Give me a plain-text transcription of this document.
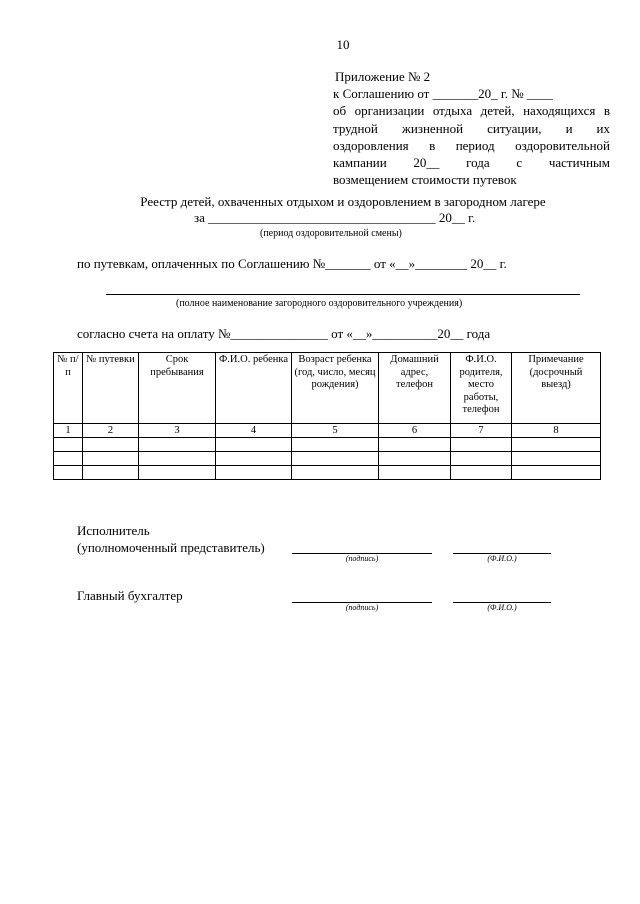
10
Приложение № 2
к Соглашению от _______20_ г. № ____
об организации отдыха детей, находящихся в
трудной жизненной ситуации, и их
оздоровления в период оздоровительной
кампании 20__ года с частичным
возмещением стоимости путевок
Реестр детей, охваченных отдыхом и оздоровлением в загородном лагере
за ___________________________________ 20__ г.
(период оздоровительной смены)
по путевкам, оплаченных по Соглашению №_______ от «__»________ 20__ г.
(полное наименование загородного оздоровительного учреждения)
согласно счета на оплату №_______________ от «__»__________20__ года
№ п/п	№ путевки	Срок пребывания	Ф.И.О. ребенка	Возраст ребенка (год, число, месяц рождения)	Домашний адрес, телефон	Ф.И.О. родителя, место работы, телефон	Примечание (досрочный выезд)
1	2	3	4	5	6	7	8

Исполнитель
(уполномоченный представитель)
(подпись)	(Ф.И.О.)
Главный бухгалтер
(подпись)	(Ф.И.О.)
